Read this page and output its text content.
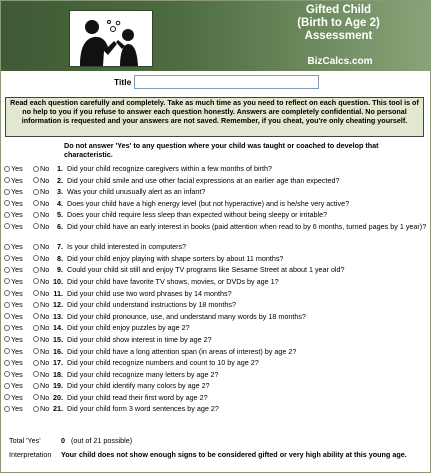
Gifted Child
(Birth to Age 2)
Assessment
BizCalcs.com
Title
Read each question carefully and completely. Take as much time as you need to reflect on each question. This tool is of no help to you if you refuse to answer each question honestly. Answers are completely confidential. No personal information is requested and your answers are not saved. Remember, if you cheat, you're only cheating yourself.
Do not answer 'Yes' to any question where your child was taught or coached to develop that characteristic.
Yes No	1. Did your child recognize caregivers within a few months of birth?
Yes No	2. Did your child smile and use other facial expressions at an earlier age than expected?
Yes No	3. Was your child unusually alert as an infant?
Yes No	4. Does your child have a high energy level (but not hyperactive) and is he/she very active?
Yes No	5. Does your child require less sleep than expected without being sleepy or irritable?
Yes No	6. Did your child have an early interest in books (paid attention when read to by 6 months, turned pages by 1 year)?
Yes No	7. Is your child interested in computers?
Yes No	8. Did your child enjoy playing with shape sorters by about 11 months?
Yes No	9. Could your child sit still and enjoy TV programs like Sesame Street at about 1 year old?
Yes No 10. Did your child have favorite TV shows, movies, or DVDs by age 1?
Yes No 11. Did your child use two word phrases by 14 months?
Yes No 12. Did your child understand instructions by 18 months?
Yes No 13. Did your child pronounce, use, and understand many words by 18 months?
Yes No 14. Did your child enjoy puzzles by age 2?
Yes No 15. Did your child show interest in time by age 2?
Yes No 16. Did your child have a long attention span (in areas of interest) by age 2?
Yes No 17. Did your child recognize numbers and count to 10 by age 2?
Yes No 18. Did your child recognize many letters by age 2?
Yes No 19. Did your child identify many colors by age 2?
Yes No 20. Did your child read their first word by age 2?
Yes No 21. Did your child form 3 word sentences by age 2?
Total 'Yes'	0 (out of 21 possible)
Interpretation Your child does not show enough signs to be considered gifted or very high ability at this young age.
